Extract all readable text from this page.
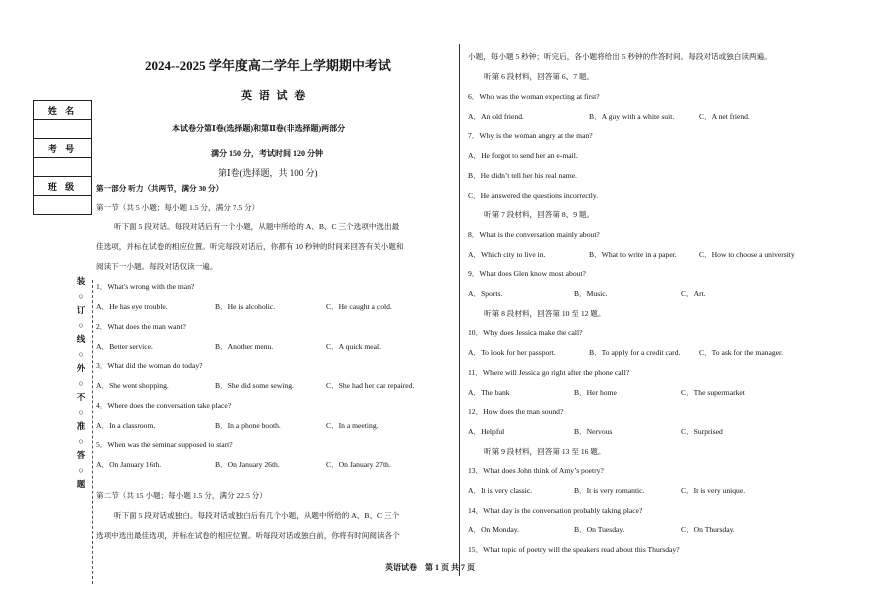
2024--2025 学年度高二学年上学期期中考试
英 语 试 卷
本试卷分第Ⅰ卷(选择题)和第Ⅱ卷(非选择题)两部分
满分 150 分，考试时间 120 分钟
第Ⅰ卷(选择题，共 100 分)
姓 名

考 号

班 级

装
○
订
○
线
○
外
○
不
○
准
○
答
○
题
第一部分 听力（共两节，满分 30 分）
第一节（共 5 小题；每小题 1.5 分，满分 7.5 分）
听下面 5 段对话。每段对话后有一个小题，从题中所给的 A、B、C 三个选项中选出最
佳选项，并标在试卷的相应位置。听完每段对话后，你都有 10 秒钟的时间来回答有关小题和
阅读下一小题。每段对话仅读一遍。
1．What's wrong with the man?
A．He has eye trouble.	B．He is alcoholic.	C．He caught a cold.
2．What does the man want?
A．Better service.	B．Another menu.	C．A quick meal.
3．What did the woman do today?
A．She went shopping.	B．She did some sewing.	C．She had her car repaired.
4．Where does the conversation take place?
A．In a classroom.	B．In a phone booth.	C．In a meeting.
5．When was the seminar supposed to start?
A．On January 16th.	B．On January 26th.	C．On January 27th.
第二节（共 15 小题；每小题 1.5 分，满分 22.5 分）
听下面 5 段对话或独白。每段对话或独白后有几个小题，从题中所给的 A、B、C 三个
选项中选出最佳选项，并标在试卷的相应位置。听每段对话或独白前，你将有时间阅读各个
小题，每小题 5 秒钟；听完后，各小题将给出 5 秒钟的作答时间。每段对话或独白读两遍。
听第 6 段材料，回答第 6、7 题。
6．Who was the woman expecting at first?
A．An old friend.	B．A guy with a white suit.	C．A net friend.
7．Why is the woman angry at the man?
A．He forgot to send her an e-mail.
B．He didn’t tell her his real name.
C．He answered the questions incorrectly.
听第 7 段材料，回答第 8、9 题。
8．What is the conversation mainly about?
A．Which city to live in.	B．What to write in a paper.	C．How to choose a university
9．What does Glen know most about?
A．Sports.	B．Music.	C．Art.
听第 8 段材料，回答第 10 至 12 题。
10．Why does Jessica make the call?
A．To look for her passport.	B．To apply for a credit card. C．To ask for the manager.
11．Where will Jessica go right after the phone call?
A．The bank	B．Her home	C．The supermarket
12．How does the man sound?
A．Helpful	B．Nervous	C．Surprised
听第 9 段材料，回答第 13 至 16 题。
13．What does John think of Amy’s poetry?
A．It is very classic.	B．It is very romantic.	C．It is very unique.
14．What day is the conversation probably taking place?
A．On Monday.	B．On Tuesday.	C．On Thursday.
15．What topic of poetry will the speakers read about this Thursday?
英语试卷　第 1 页 共 7 页
